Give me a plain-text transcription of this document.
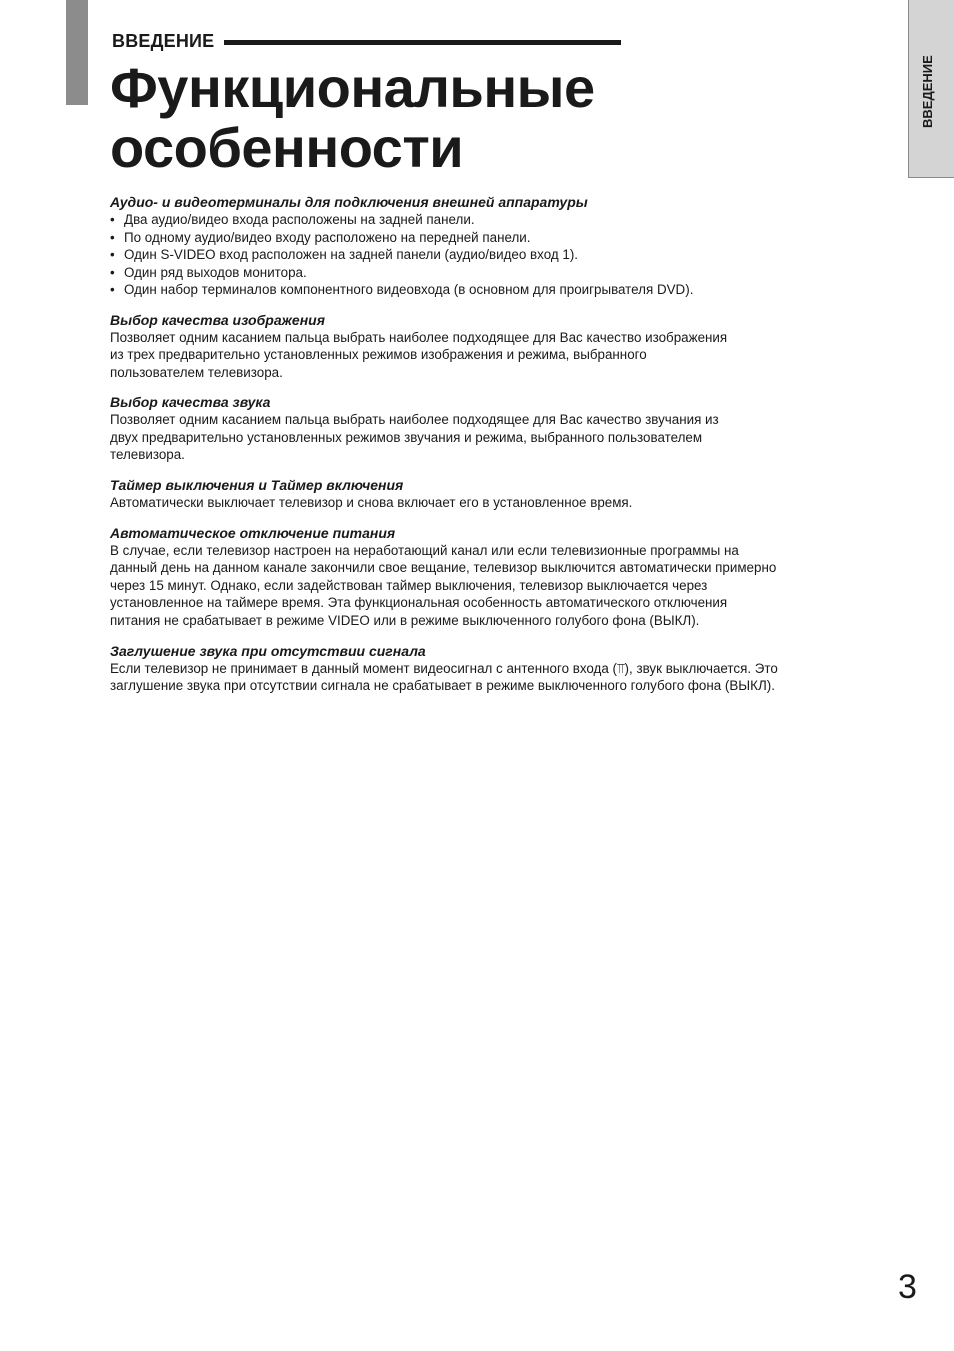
ВВЕДЕНИЕ
Функциональные
особенности
ВВЕДЕНИЕ

Аудио- и видеотерминалы для подключения внешней аппаратуры

• Два аудио/видео входа расположены на задней панели.
• По одному аудио/видео входу расположено на передней панели.
• Один S-VIDEO вход расположен на задней панели (аудио/видео вход 1).
• Один ряд выходов монитора.
• Один набор терминалов компонентного видеовхода (в основном для проигрывателя DVD).

Выбор качества изображения

Позволяет одним касанием пальца выбрать наиболее подходящее для Вас качество изображения

из трех предварительно установленных режимов изображения и режима, выбранного

пользователем телевизора.

Выбор качества звука

Позволяет одним касанием пальца выбрать наиболее подходящее для Вас качество звучания из

двух предварительно установленных режимов звучания и режима, выбранного пользователем

телевизора.

Таймер выключения и Таймер включения

Автоматически выключает телевизор и снова включает его в установленное время.

Автоматическое отключение питания

В случае, если телевизор настроен на неработающий канал или если телевизионные программы на

данный день на данном канале закончили свое вещание, телевизор выключится автоматически примерно

через 15 минут. Однако, если задействован таймер выключения, телевизор выключается через

установленное на таймере время. Эта функциональная особенность автоматического отключения

питания не срабатывает в режиме VIDEO или в режиме выключенного голубого фона (ВЫКЛ).

Заглушение звука при отсутствии сигнала

Если телевизор не принимает в данный момент видеосигнал с антенного входа (⫪), звук выключается. Это

заглушение звука при отсутствии сигнала не срабатывает в режиме выключенного голубого фона (ВЫКЛ).

3
